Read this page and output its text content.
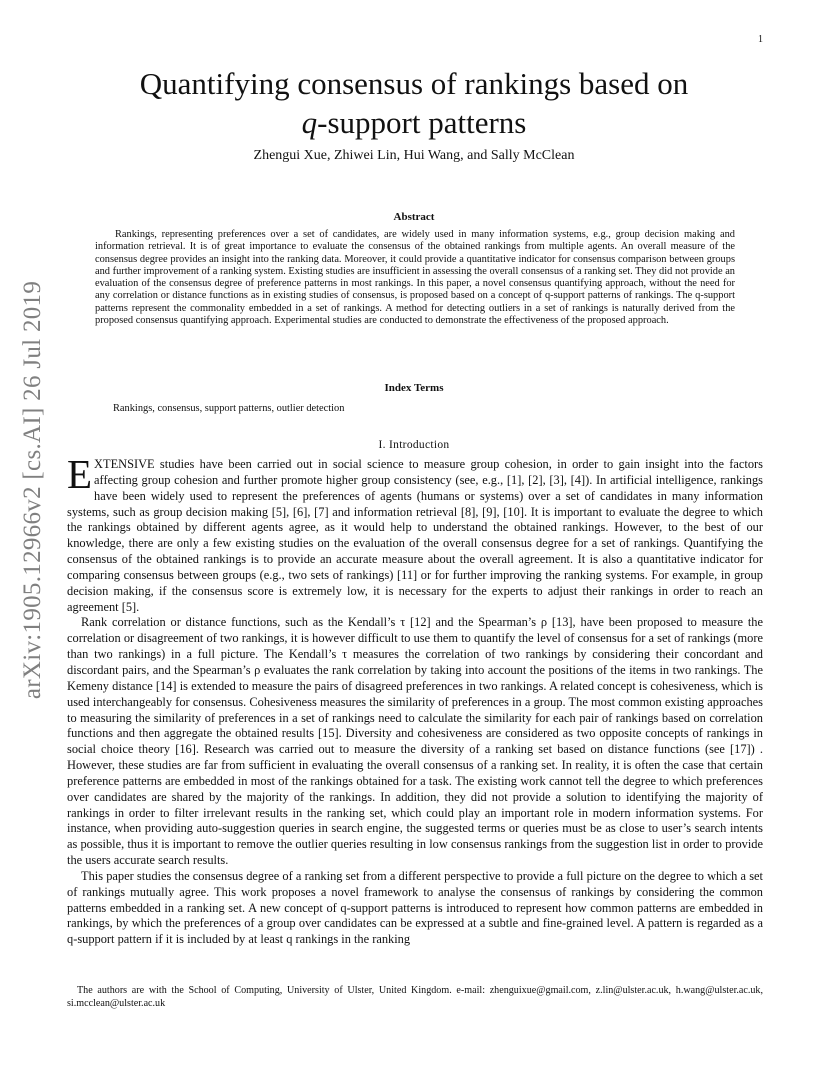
1
arXiv:1905.12966v2 [cs.AI] 26 Jul 2019
Quantifying consensus of rankings based on
q-support patterns
Zhengui Xue, Zhiwei Lin, Hui Wang, and Sally McClean
Abstract
Rankings, representing preferences over a set of candidates, are widely used in many information systems, e.g., group decision making and information retrieval. It is of great importance to evaluate the consensus of the obtained rankings from multiple agents. An overall measure of the consensus degree provides an insight into the ranking data. Moreover, it could provide a quantitative indicator for consensus comparison between groups and further improvement of a ranking system. Existing studies are insufficient in assessing the overall consensus of a ranking set. They did not provide an evaluation of the consensus degree of preference patterns in most rankings. In this paper, a novel consensus quantifying approach, without the need for any correlation or distance functions as in existing studies of consensus, is proposed based on a concept of q-support patterns of rankings. The q-support patterns represent the commonality embedded in a set of rankings. A method for detecting outliers in a set of rankings is naturally derived from the proposed consensus quantifying approach. Experimental studies are conducted to demonstrate the effectiveness of the proposed approach.
Index Terms
Rankings, consensus, support patterns, outlier detection
I. Introduction

EXTENSIVE studies have been carried out in social science to measure group cohesion, in order to gain insight into the factors affecting group cohesion and further promote higher group consistency (see, e.g., [1], [2], [3], [4]). In artificial intelligence, rankings have been widely used to represent the preferences of agents (humans or systems) over a set of candidates in many information systems, such as group decision making [5], [6], [7] and information retrieval [8], [9], [10]. It is important to evaluate the degree to which the rankings obtained by different agents agree, as it would help to understand the obtained rankings. However, to the best of our knowledge, there are only a few existing studies on the evaluation of the overall consensus degree for a set of rankings. Quantifying the consensus of the obtained rankings is to provide an accurate measure about the overall agreement. It is also a quantitative indicator for comparing consensus between groups (e.g., two sets of rankings) [11] or for further improving the ranking systems. For example, in group decision making, if the consensus score is extremely low, it is necessary for the experts to adjust their rankings in order to reach an agreement [5].

Rank correlation or distance functions, such as the Kendall’s τ [12] and the Spearman’s ρ [13], have been proposed to measure the correlation or disagreement of two rankings, it is however difficult to use them to quantify the level of consensus for a set of rankings (more than two rankings) in a full picture. The Kendall’s τ measures the correlation of two rankings by considering their concordant and discordant pairs, and the Spearman’s ρ evaluates the rank correlation by taking into account the positions of the items in two rankings. The Kemeny distance [14] is extended to measure the pairs of disagreed preferences in two rankings. A related concept is cohesiveness, which is used interchangeably for consensus. Cohesiveness measures the similarity of preferences in a group. The most common existing approaches to measuring the similarity of preferences in a set of rankings need to calculate the similarity for each pair of rankings based on correlation functions and then aggregate the obtained results [15]. Diversity and cohesiveness are considered as two opposite concepts of rankings in social choice theory [16]. Research was carried out to measure the diversity of a ranking set based on distance functions (see [17]) . However, these studies are far from sufficient in evaluating the overall consensus of a ranking set. In reality, it is often the case that certain preference patterns are embedded in most of the rankings obtained for a task. The existing work cannot tell the degree to which preferences over candidates are shared by the majority of the rankings. In addition, they did not provide a solution to identifying the majority of rankings in order to filter irrelevant results in the ranking set, which could play an important role in modern information systems. For instance, when providing auto-suggestion queries in search engine, the suggested terms or queries must be as close to user’s search intents as possible, thus it is important to remove the outlier queries resulting in low consensus rankings from the suggestion list in order to provide the users accurate search results.

This paper studies the consensus degree of a ranking set from a different perspective to provide a full picture on the degree to which a set of rankings mutually agree. This work proposes a novel framework to analyse the consensus of rankings by considering the common patterns embedded in a ranking set. A new concept of q-support patterns is introduced to represent how common patterns are embedded in rankings, by which the preferences of a group over candidates can be expressed at a subtle and fine-grained level. A pattern is regarded as a q-support pattern if it is included by at least q rankings in the ranking

The authors are with the School of Computing, University of Ulster, United Kingdom. e-mail: zhenguixue@gmail.com, z.lin@ulster.ac.uk, h.wang@ulster.ac.uk, si.mcclean@ulster.ac.uk
